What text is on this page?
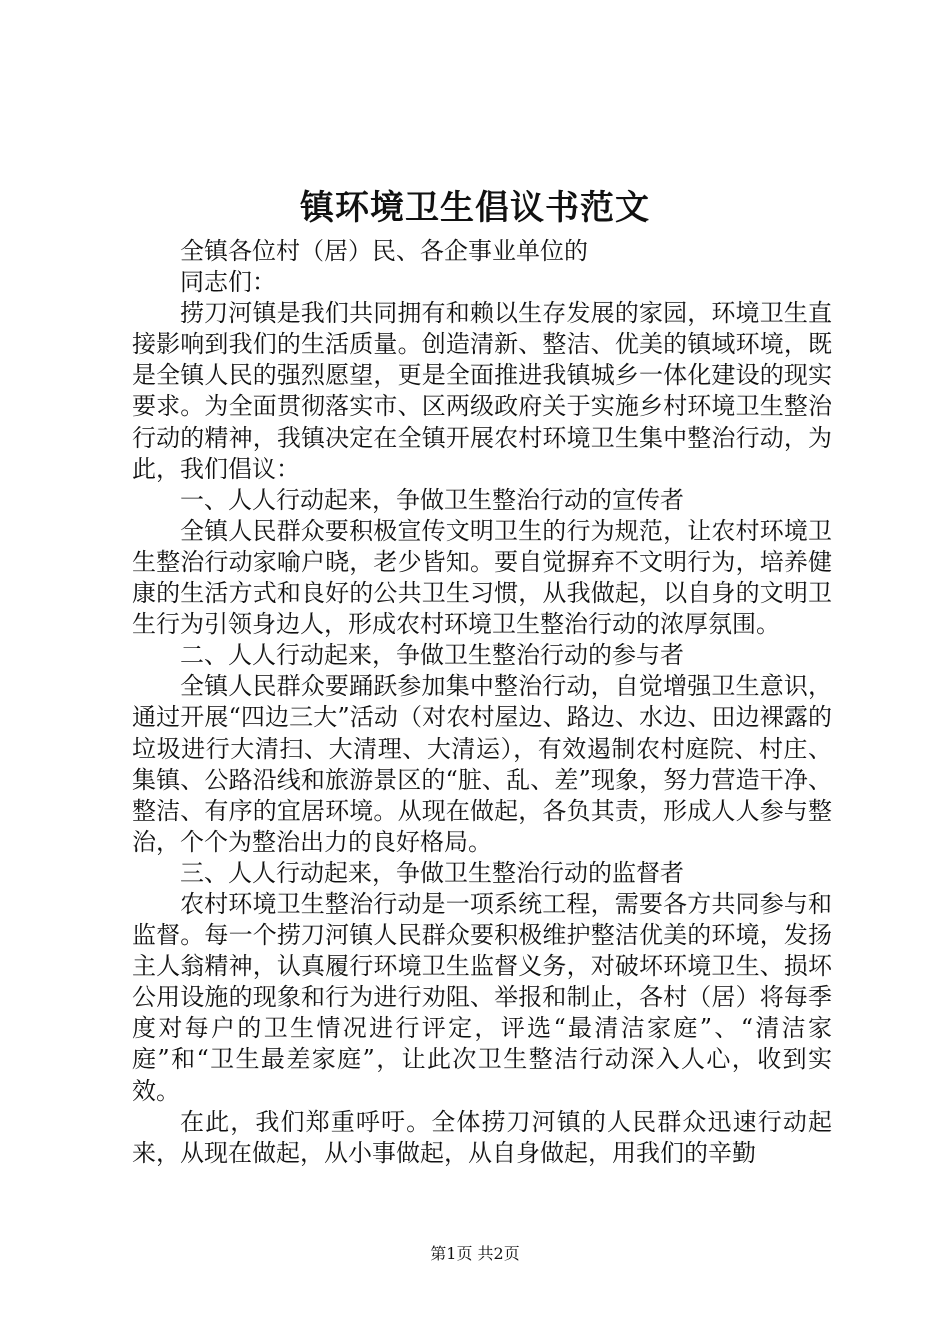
镇环境卫生倡议书范文

全镇各位村（居）民、各企事业单位的

同志们：

捞刀河镇是我们共同拥有和赖以生存发展的家园，环境卫生直接影响到我们的生活质量。创造清新、整洁、优美的镇域环境，既是全镇人民的强烈愿望，更是全面推进我镇城乡一体化建设的现实要求。为全面贯彻落实市、区两级政府关于实施乡村环境卫生整治行动的精神，我镇决定在全镇开展农村环境卫生集中整治行动，为此，我们倡议：

一、人人行动起来，争做卫生整治行动的宣传者

全镇人民群众要积极宣传文明卫生的行为规范，让农村环境卫生整治行动家喻户晓，老少皆知。要自觉摒弃不文明行为，培养健康的生活方式和良好的公共卫生习惯，从我做起，以自身的文明卫生行为引领身边人，形成农村环境卫生整治行动的浓厚氛围。

二、人人行动起来，争做卫生整治行动的参与者

全镇人民群众要踊跃参加集中整治行动，自觉增强卫生意识，通过开展“四边三大”活动（对农村屋边、路边、水边、田边裸露的垃圾进行大清扫、大清理、大清运），有效遏制农村庭院、村庄、集镇、公路沿线和旅游景区的“脏、乱、差”现象，努力营造干净、整洁、有序的宜居环境。从现在做起，各负其责，形成人人参与整治，个个为整治出力的良好格局。

三、人人行动起来，争做卫生整治行动的监督者

农村环境卫生整治行动是一项系统工程，需要各方共同参与和监督。每一个捞刀河镇人民群众要积极维护整洁优美的环境，发扬主人翁精神，认真履行环境卫生监督义务，对破坏环境卫生、损坏公用设施的现象和行为进行劝阻、举报和制止，各村（居）将每季度对每户的卫生情况进行评定，评选“最清洁家庭”、“清洁家庭”和“卫生最差家庭”，让此次卫生整洁行动深入人心，收到实效。

在此，我们郑重呼吁。全体捞刀河镇的人民群众迅速行动起来，从现在做起，从小事做起，从自身做起，用我们的辛勤

第1页 共2页
